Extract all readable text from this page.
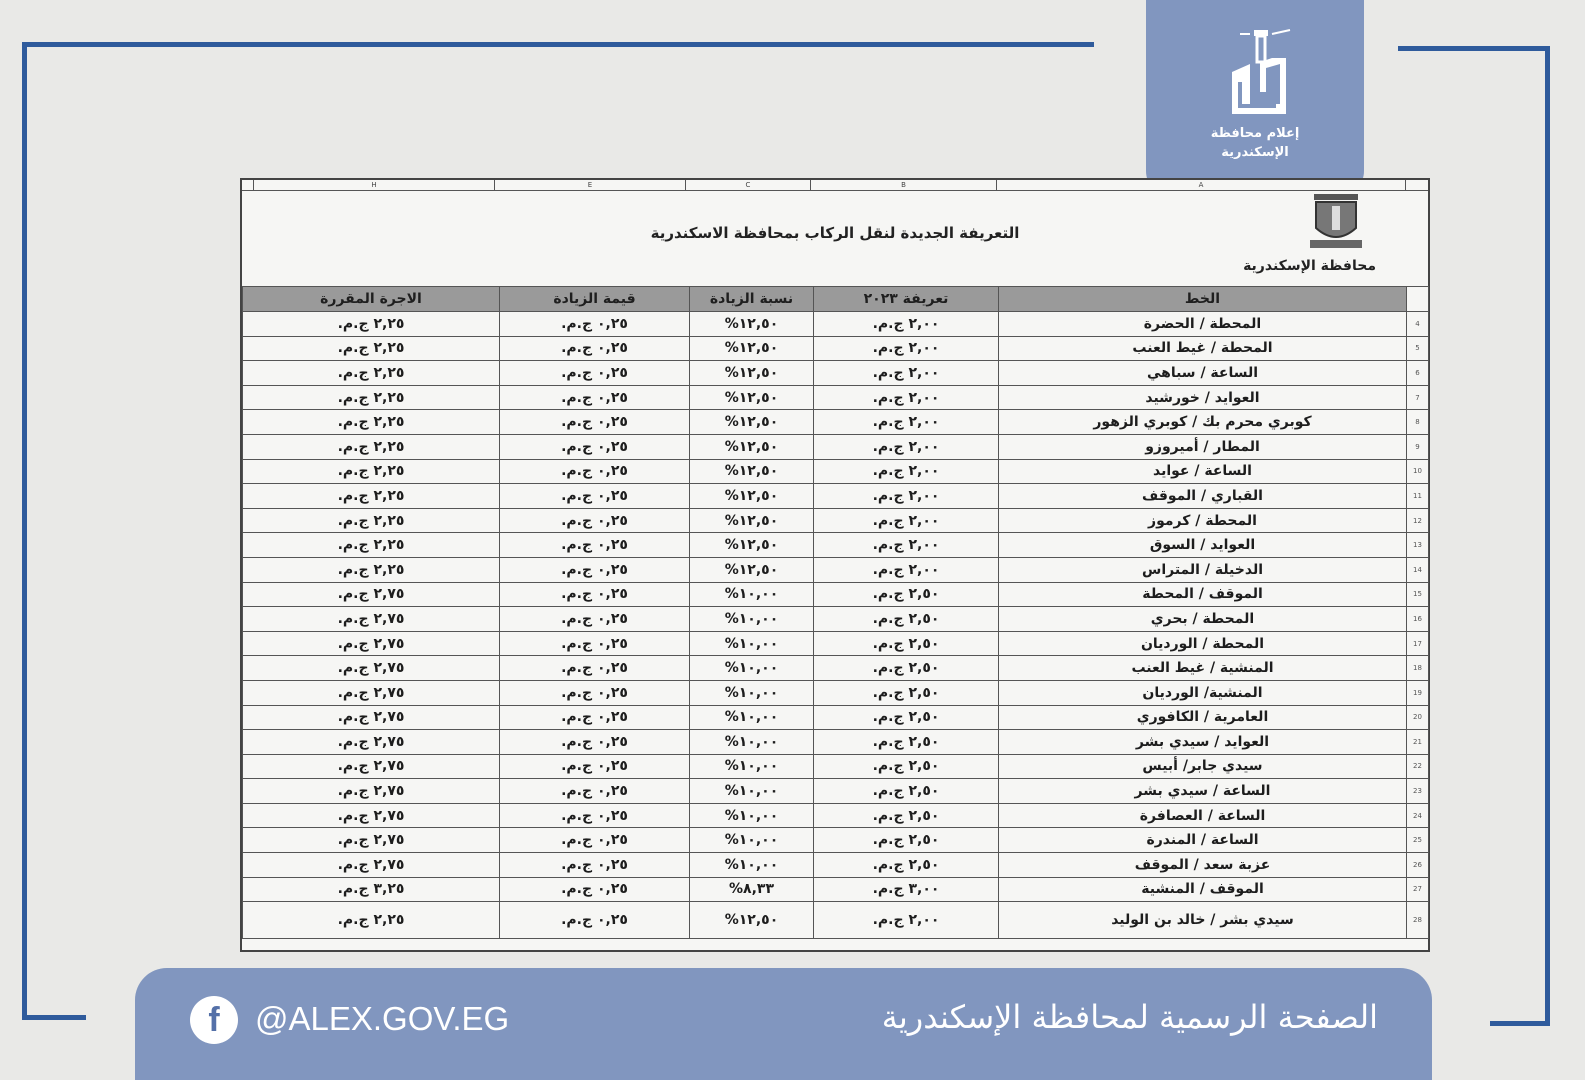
إعلام محافظة
الإسكندرية
A
B
C
E
H
محافظة الإسكندرية
التعريفة الجديدة لنقل الركاب بمحافظة الاسكندرية
	الخط	تعريفة ٢٠٢٣	نسبة الزيادة	قيمة الزيادة	الاجرة المقررة
4	المحطة / الحضرة	٢,٠٠ ج.م.	١٢,٥٠%	٠,٢٥ ج.م.	٢,٢٥ ج.م.
5	المحطة / غيط العنب	٢,٠٠ ج.م.	١٢,٥٠%	٠,٢٥ ج.م.	٢,٢٥ ج.م.
6	الساعة / سباهي	٢,٠٠ ج.م.	١٢,٥٠%	٠,٢٥ ج.م.	٢,٢٥ ج.م.
7	العوايد / خورشيد	٢,٠٠ ج.م.	١٢,٥٠%	٠,٢٥ ج.م.	٢,٢٥ ج.م.
8	كوبري محرم بك / كوبري الزهور	٢,٠٠ ج.م.	١٢,٥٠%	٠,٢٥ ج.م.	٢,٢٥ ج.م.
9	المطار / أميروزو	٢,٠٠ ج.م.	١٢,٥٠%	٠,٢٥ ج.م.	٢,٢٥ ج.م.
10	الساعة / عوايد	٢,٠٠ ج.م.	١٢,٥٠%	٠,٢٥ ج.م.	٢,٢٥ ج.م.
11	القباري / الموقف	٢,٠٠ ج.م.	١٢,٥٠%	٠,٢٥ ج.م.	٢,٢٥ ج.م.
12	المحطة / كرموز	٢,٠٠ ج.م.	١٢,٥٠%	٠,٢٥ ج.م.	٢,٢٥ ج.م.
13	العوايد / السوق	٢,٠٠ ج.م.	١٢,٥٠%	٠,٢٥ ج.م.	٢,٢٥ ج.م.
14	الدخيلة / المتراس	٢,٠٠ ج.م.	١٢,٥٠%	٠,٢٥ ج.م.	٢,٢٥ ج.م.
15	الموقف / المحطة	٢,٥٠ ج.م.	١٠,٠٠%	٠,٢٥ ج.م.	٢,٧٥ ج.م.
16	المحطة / بحري	٢,٥٠ ج.م.	١٠,٠٠%	٠,٢٥ ج.م.	٢,٧٥ ج.م.
17	المحطة / الورديان	٢,٥٠ ج.م.	١٠,٠٠%	٠,٢٥ ج.م.	٢,٧٥ ج.م.
18	المنشية / غيط العنب	٢,٥٠ ج.م.	١٠,٠٠%	٠,٢٥ ج.م.	٢,٧٥ ج.م.
19	المنشية/ الورديان	٢,٥٠ ج.م.	١٠,٠٠%	٠,٢٥ ج.م.	٢,٧٥ ج.م.
20	العامرية / الكافوري	٢,٥٠ ج.م.	١٠,٠٠%	٠,٢٥ ج.م.	٢,٧٥ ج.م.
21	العوايد / سيدي بشر	٢,٥٠ ج.م.	١٠,٠٠%	٠,٢٥ ج.م.	٢,٧٥ ج.م.
22	سيدي جابر/ أبيس	٢,٥٠ ج.م.	١٠,٠٠%	٠,٢٥ ج.م.	٢,٧٥ ج.م.
23	الساعة / سيدي بشر	٢,٥٠ ج.م.	١٠,٠٠%	٠,٢٥ ج.م.	٢,٧٥ ج.م.
24	الساعة / العصافرة	٢,٥٠ ج.م.	١٠,٠٠%	٠,٢٥ ج.م.	٢,٧٥ ج.م.
25	الساعة / المندرة	٢,٥٠ ج.م.	١٠,٠٠%	٠,٢٥ ج.م.	٢,٧٥ ج.م.
26	عزبة سعد / الموقف	٢,٥٠ ج.م.	١٠,٠٠%	٠,٢٥ ج.م.	٢,٧٥ ج.م.
27	الموقف / المنشية	٣,٠٠ ج.م.	٨,٣٣%	٠,٢٥ ج.م.	٣,٢٥ ج.م.
28	سيدي بشر / خالد بن الوليد	٢,٠٠ ج.م.	١٢,٥٠%	٠,٢٥ ج.م.	٢,٢٥ ج.م.
f	@ALEX.GOV.EG	الصفحة الرسمية لمحافظة الإسكندرية
